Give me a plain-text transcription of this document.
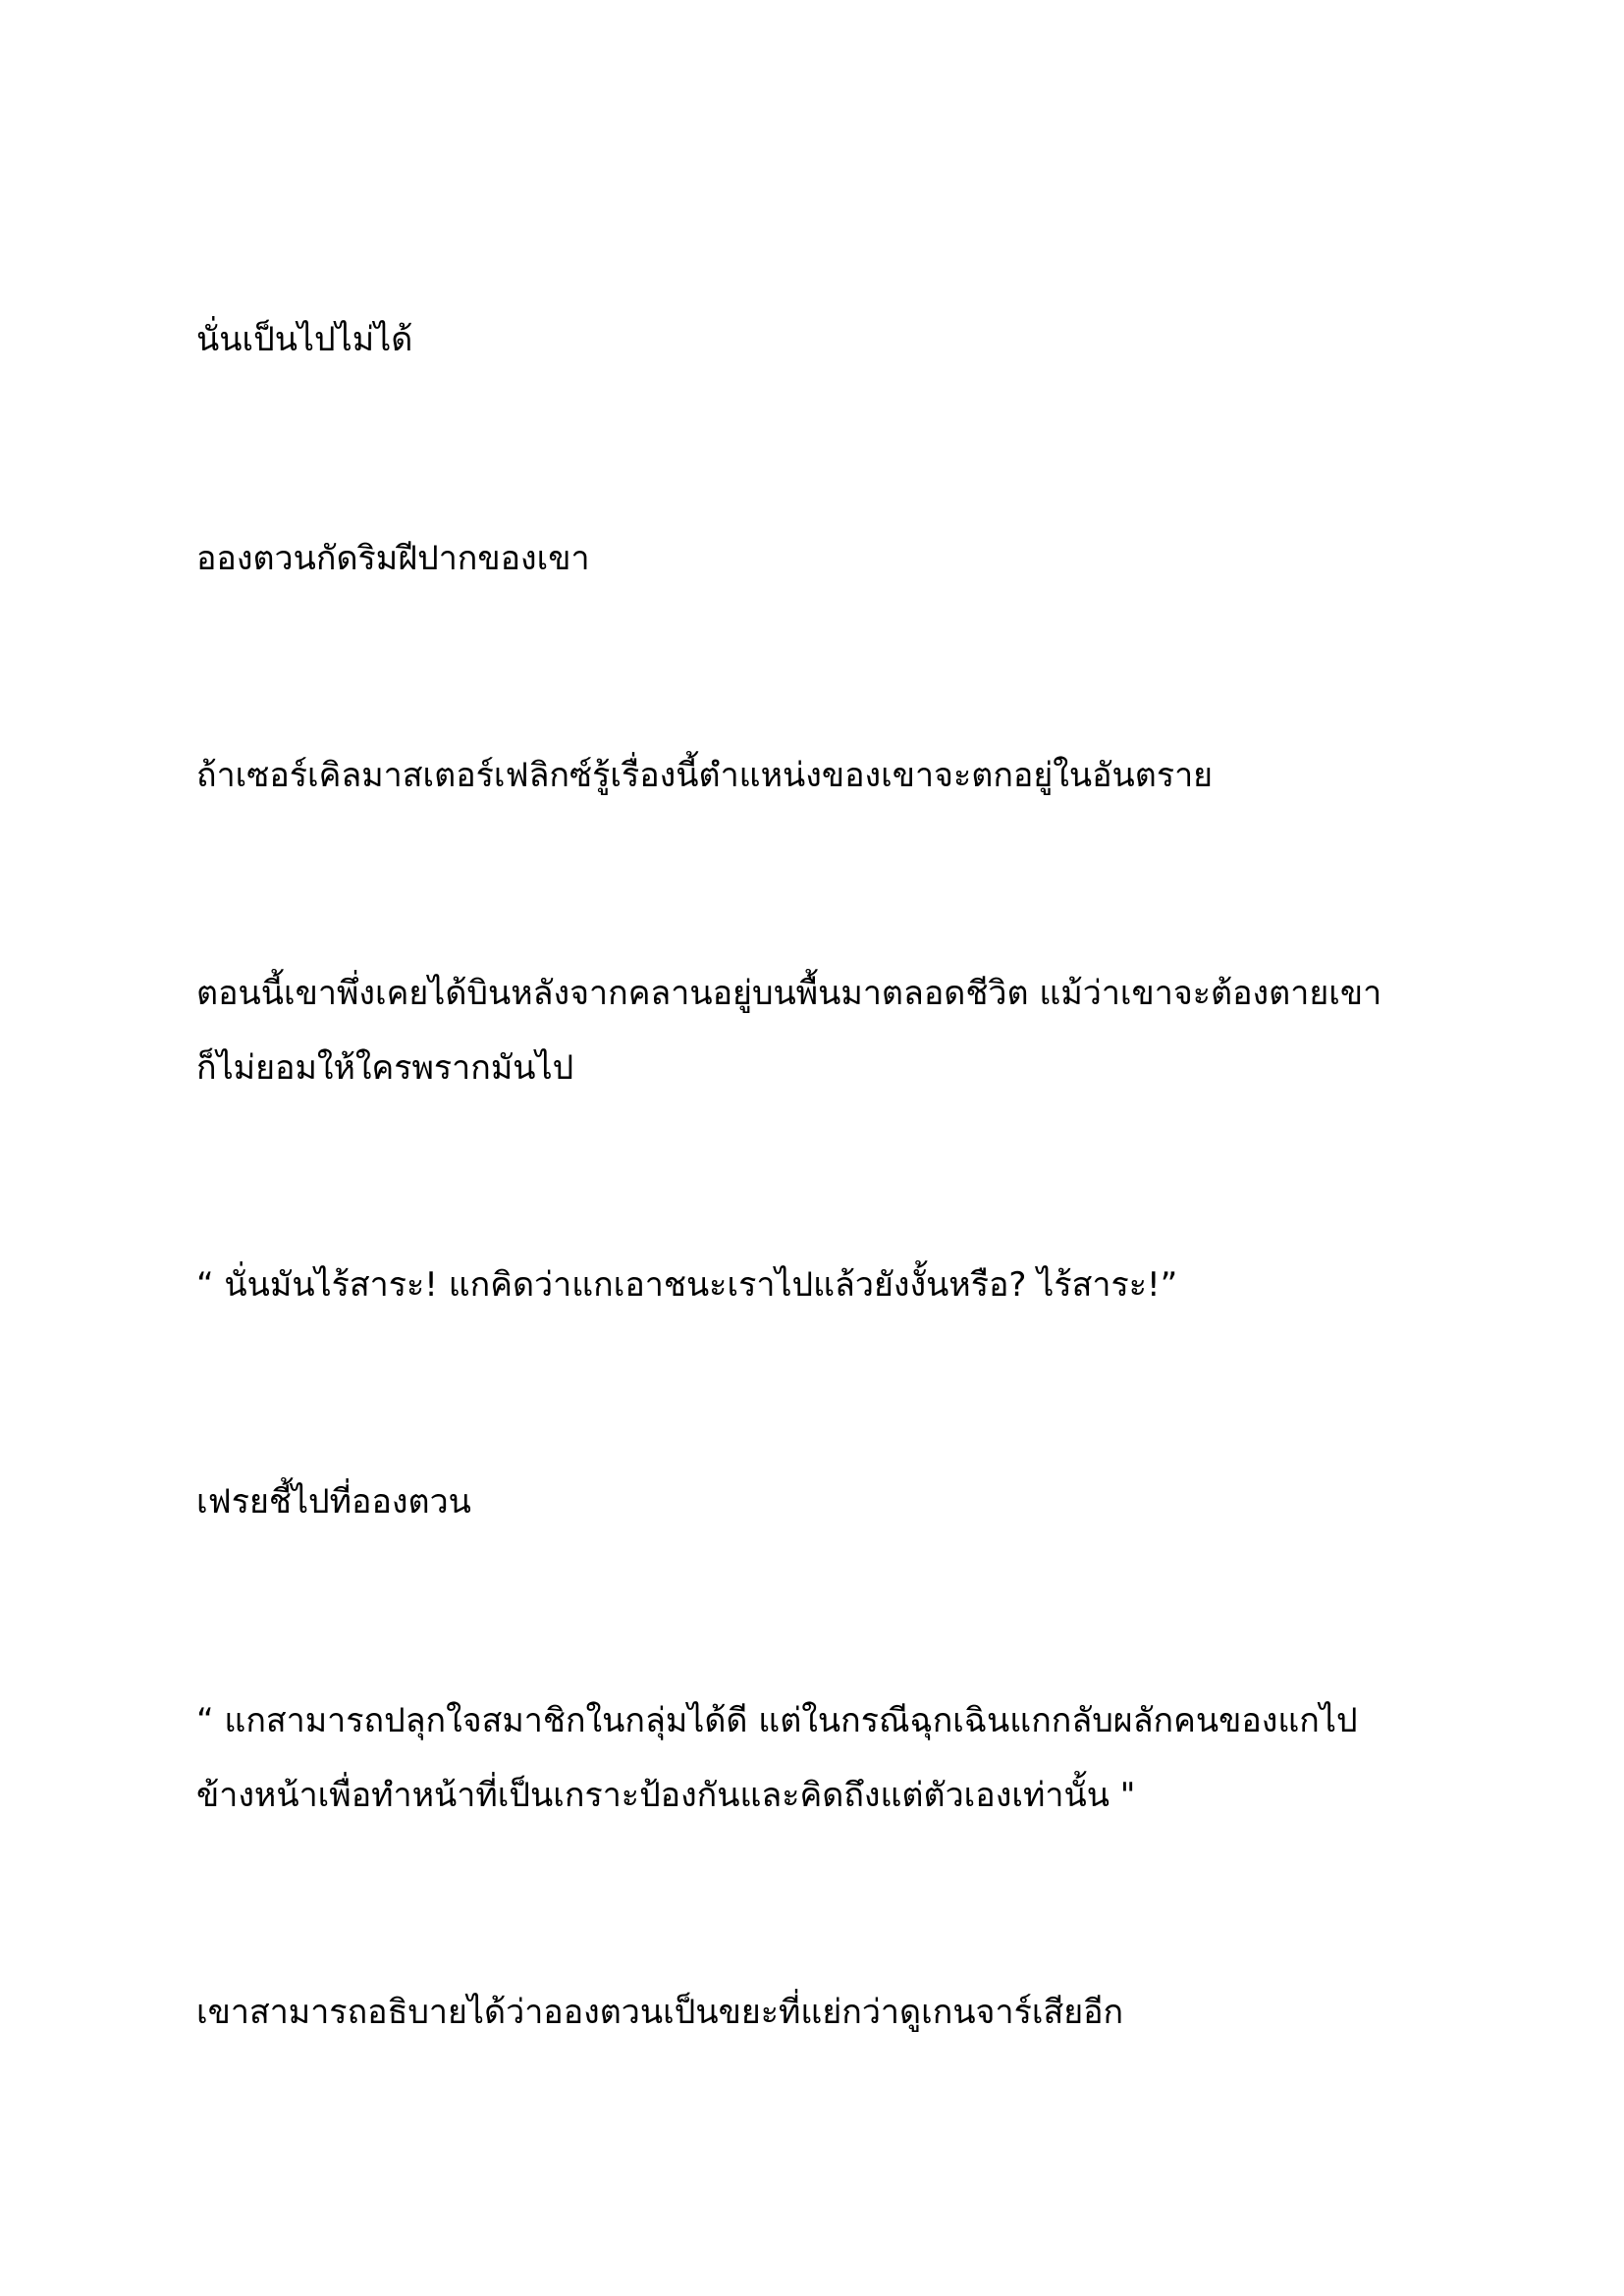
นั่นเป็นไปไม่ได้

อองตวนกัดริมฝีปากของเขา

ถ้าเซอร์เคิลมาสเตอร์เฟลิกซ์รู้เรื่องนี้ตำแหน่งของเขาจะตกอยู่ในอันตราย

ตอนนี้เขาพึ่งเคยได้บินหลังจากคลานอยู่บนพื้นมาตลอดชีวิต แม้ว่าเขาจะต้องตายเขา
ก็ไม่ยอมให้ใครพรากมันไป

“ นั่นมันไร้สาระ! แกคิดว่าแกเอาชนะเราไปแล้วยังงั้นหรือ? ไร้สาระ!”

เฟรยชี้ไปที่อองตวน

“ แกสามารถปลุกใจสมาชิกในกลุ่มได้ดี แต่ในกรณีฉุกเฉินแกกลับผลักคนของแกไป
ข้างหน้าเพื่อทำหน้าที่เป็นเกราะป้องกันและคิดถึงแต่ตัวเองเท่านั้น "

เขาสามารถอธิบายได้ว่าอองตวนเป็นขยะที่แย่กว่าดูเกนจาร์เสียอีก
